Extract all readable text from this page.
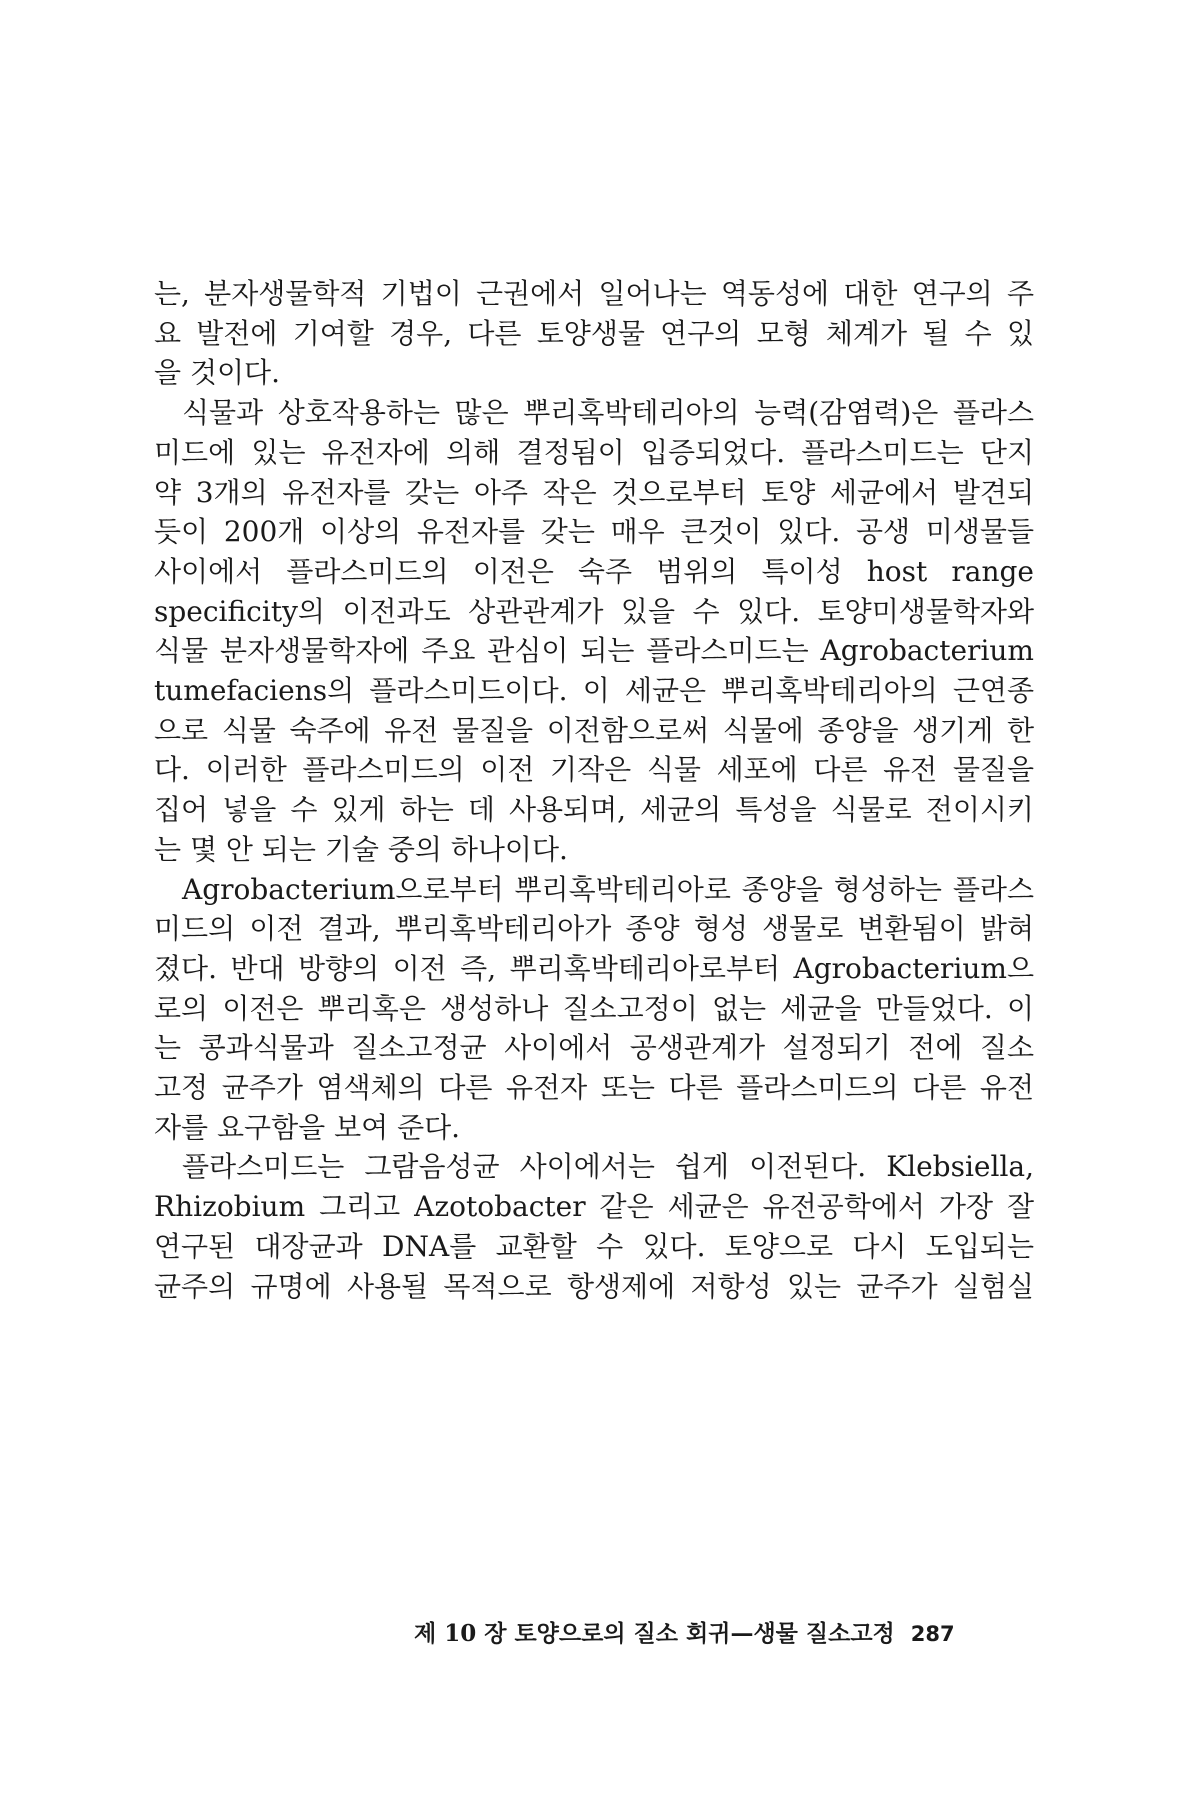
는, 분자생물학적 기법이 근권에서 일어나는 역동성에 대한 연구의 주
요 발전에 기여할 경우, 다른 토양생물 연구의 모형 체계가 될 수 있
을 것이다.
식물과 상호작용하는 많은 뿌리혹박테리아의 능력(감염력)은 플라스
미드에 있는 유전자에 의해 결정됨이 입증되었다. 플라스미드는 단지
약 3개의 유전자를 갖는 아주 작은 것으로부터 토양 세균에서 발견되
듯이 200개 이상의 유전자를 갖는 매우 큰것이 있다. 공생 미생물들
사이에서 플라스미드의 이전은 숙주 범위의 특이성 host range
specificity의 이전과도 상관관계가 있을 수 있다. 토양미생물학자와
식물 분자생물학자에 주요 관심이 되는 플라스미드는 Agrobacterium
tumefaciens의 플라스미드이다. 이 세균은 뿌리혹박테리아의 근연종
으로 식물 숙주에 유전 물질을 이전함으로써 식물에 종양을 생기게 한
다. 이러한 플라스미드의 이전 기작은 식물 세포에 다른 유전 물질을
집어 넣을 수 있게 하는 데 사용되며, 세균의 특성을 식물로 전이시키
는 몇 안 되는 기술 중의 하나이다.
Agrobacterium으로부터 뿌리혹박테리아로 종양을 형성하는 플라스
미드의 이전 결과, 뿌리혹박테리아가 종양 형성 생물로 변환됨이 밝혀
졌다. 반대 방향의 이전 즉, 뿌리혹박테리아로부터 Agrobacterium으
로의 이전은 뿌리혹은 생성하나 질소고정이 없는 세균을 만들었다. 이
는 콩과식물과 질소고정균 사이에서 공생관계가 설정되기 전에 질소
고정 균주가 염색체의 다른 유전자 또는 다른 플라스미드의 다른 유전
자를 요구함을 보여 준다.
플라스미드는 그람음성균 사이에서는 쉽게 이전된다. Klebsiella,
Rhizobium 그리고 Azotobacter 같은 세균은 유전공학에서 가장 잘
연구된 대장균과 DNA를 교환할 수 있다. 토양으로 다시 도입되는
균주의 규명에 사용될 목적으로 항생제에 저항성 있는 균주가 실험실
제 10 장 토양으로의 질소 회귀—생물 질소고정 287
